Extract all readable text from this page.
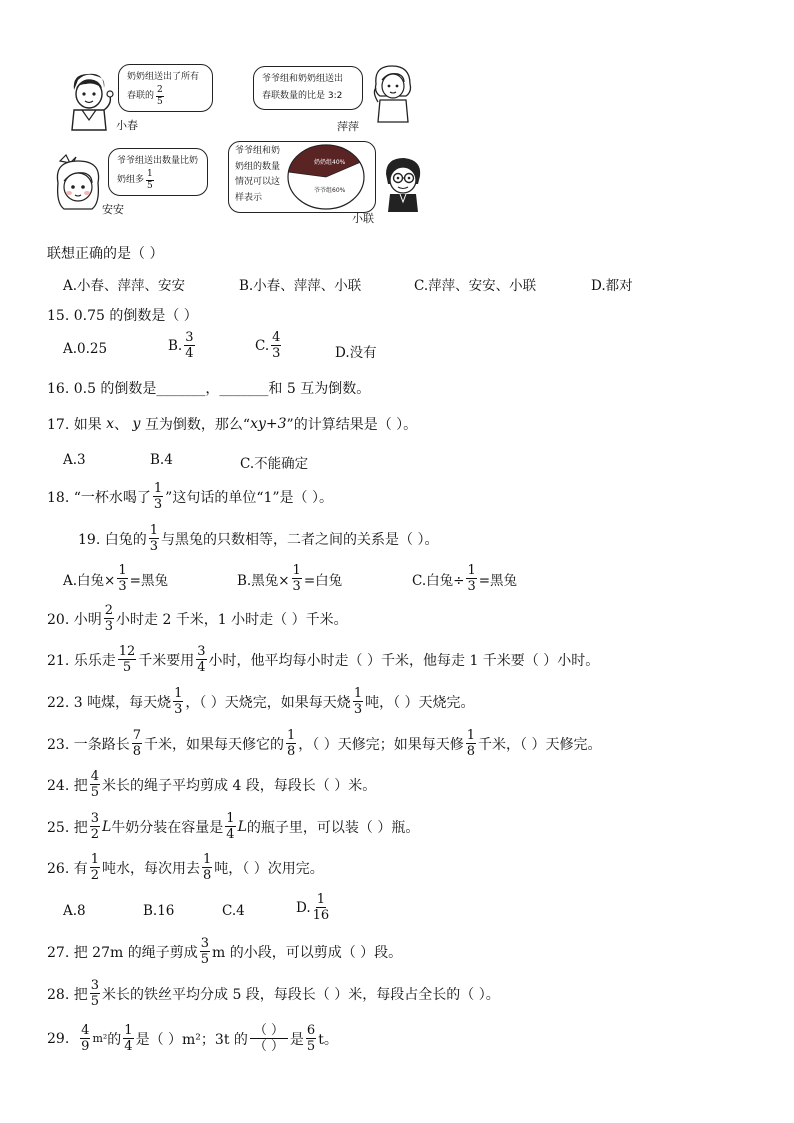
小春
奶奶组送出了所有
春联的 $\frac{2}{5}$
爷爷组和奶奶组送出
春联数量的比是 3:2
萍萍
安安
爷爷组送出数量比奶
奶组多 $\frac{1}{5}$
爷爷组和奶
奶组的数量
情况可以这
样表示
奶奶组40%
爷爷组60%
小联
联想正确的是（ ）
A.小春、萍萍、安安	B.小春、萍萍、小联	C.萍萍、安安、小联	D.都对
15. 0.75 的倒数是（ ）
A.0.25	B. $\frac{3}{4}$	C. $\frac{4}{3}$	D.没有
16. 0.5 的倒数是_______，_______和 5 互为倒数。
17. 如果
x 、
y
互为倒数，那么“ xy+3 ”的计算结果是（ ）。
A.3	B.4	C.不能确定
18. “一杯水喝了 $\frac{1}{3}$ ”这句话的单位“1”是（ ）。
19. 白兔的 $\frac{1}{3}$ 与黑兔的只数相等，二者之间的关系是（ ）。
A.白兔× $\frac{1}{3}$ =黑兔	B.黑兔× $\frac{1}{3}$ =白兔	C.白兔÷ $\frac{1}{3}$ =黑兔
20. 小明 $\frac{2}{3}$ 小时走 2 千米，1 小时走（ ）千米。
21. 乐乐走 $\frac{12}{5}$ 千米要用 $\frac{3}{4}$ 小时，他平均每小时走（ ）千米，他每走 1 千米要（ ）小时。
22. 3 吨煤，每天烧 $\frac{1}{3}$ ，（ ）天烧完，如果每天烧 $\frac{1}{3}$ 吨，（ ）天烧完。
23. 一条路长 $\frac{7}{8}$ 千米，如果每天修它的 $\frac{1}{8}$ ，（ ）天修完；如果每天修 $\frac{1}{8}$ 千米，（ ）天修完。
24. 把 $\frac{4}{5}$ 米长的绳子平均剪成 4 段，每段长（ ）米。
25. 把 $\frac{3}{2}$ L 牛奶分装在容量是 $\frac{1}{4}$ L 的瓶子里，可以装（ ）瓶。
26. 有 $\frac{1}{2}$ 吨水，每次用去 $\frac{1}{8}$ 吨，（ ）次用完。
A.8	B.16	C.4	D. $\frac{1}{16}$
27. 把 27m 的绳子剪成 $\frac{3}{5}$ m 的小段，可以剪成（ ）段。
28. 把 $\frac{3}{5}$ 米长的铁丝平均分成 5 段，每段长（ ）米，每段占全长的（ ）。
29.
$\frac{4}{9} m^2$ 的 $\frac{1}{4}$ 是（ ）m²；3t 的 $\frac{( )}{( )}$ 是 $\frac{6}{5}$ t。
